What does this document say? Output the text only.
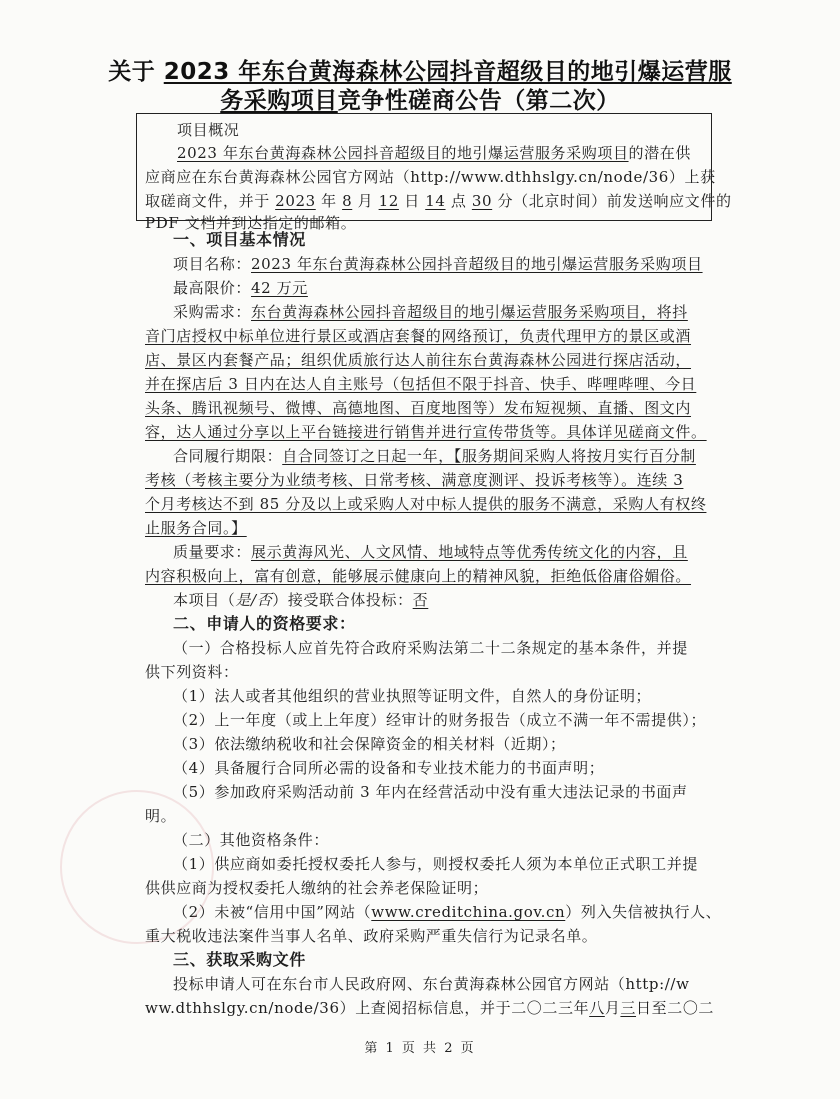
关于 2023 年东台黄海森林公园抖音超级目的地引爆运营服
务采购项目竞争性磋商公告（第二次）
项目概况
2023 年东台黄海森林公园抖音超级目的地引爆运营服务采购项目的潜在供
应商应在东台黄海森林公园官方网站（http://www.dthhslgy.cn/node/36）上获
取磋商文件，并于 2023 年 8 月 12 日 14 点 30 分（北京时间）前发送响应文件的
PDF 文档并到达指定的邮箱。
一、项目基本情况
项目名称：2023 年东台黄海森林公园抖音超级目的地引爆运营服务采购项目
最高限价：42 万元
采购需求：东台黄海森林公园抖音超级目的地引爆运营服务采购项目，将抖
音门店授权中标单位进行景区或酒店套餐的网络预订，负责代理甲方的景区或酒
店、景区内套餐产品；组织优质旅行达人前往东台黄海森林公园进行探店活动，
并在探店后 3 日内在达人自主账号（包括但不限于抖音、快手、哔哩哔哩、今日
头条、腾讯视频号、微博、高德地图、百度地图等）发布短视频、直播、图文内
容，达人通过分享以上平台链接进行销售并进行宣传带货等。具体详见磋商文件。
合同履行期限：自合同签订之日起一年，【服务期间采购人将按月实行百分制
考核（考核主要分为业绩考核、日常考核、满意度测评、投诉考核等）。连续 3
个月考核达不到 85 分及以上或采购人对中标人提供的服务不满意，采购人有权终
止服务合同。】
质量要求：展示黄海风光、人文风情、地域特点等优秀传统文化的内容，且
内容积极向上，富有创意，能够展示健康向上的精神风貌，拒绝低俗庸俗媚俗。
本项目（是/否）接受联合体投标：否
二、申请人的资格要求：
（一）合格投标人应首先符合政府采购法第二十二条规定的基本条件，并提
供下列资料：
（1）法人或者其他组织的营业执照等证明文件，自然人的身份证明；
（2）上一年度（或上上年度）经审计的财务报告（成立不满一年不需提供）；
（3）依法缴纳税收和社会保障资金的相关材料（近期）；
（4）具备履行合同所必需的设备和专业技术能力的书面声明；
（5）参加政府采购活动前 3 年内在经营活动中没有重大违法记录的书面声
明。
（二）其他资格条件：
（1）供应商如委托授权委托人参与，则授权委托人须为本单位正式职工并提
供供应商为授权委托人缴纳的社会养老保险证明；
（2）未被“信用中国”网站（www.creditchina.gov.cn）列入失信被执行人、
重大税收违法案件当事人名单、政府采购严重失信行为记录名单。
三、获取采购文件
投标申请人可在东台市人民政府网、东台黄海森林公园官方网站（http://w
ww.dthhslgy.cn/node/36）上查阅招标信息，并于二〇二三年八月三日至二〇二
第 1 页 共 2 页
